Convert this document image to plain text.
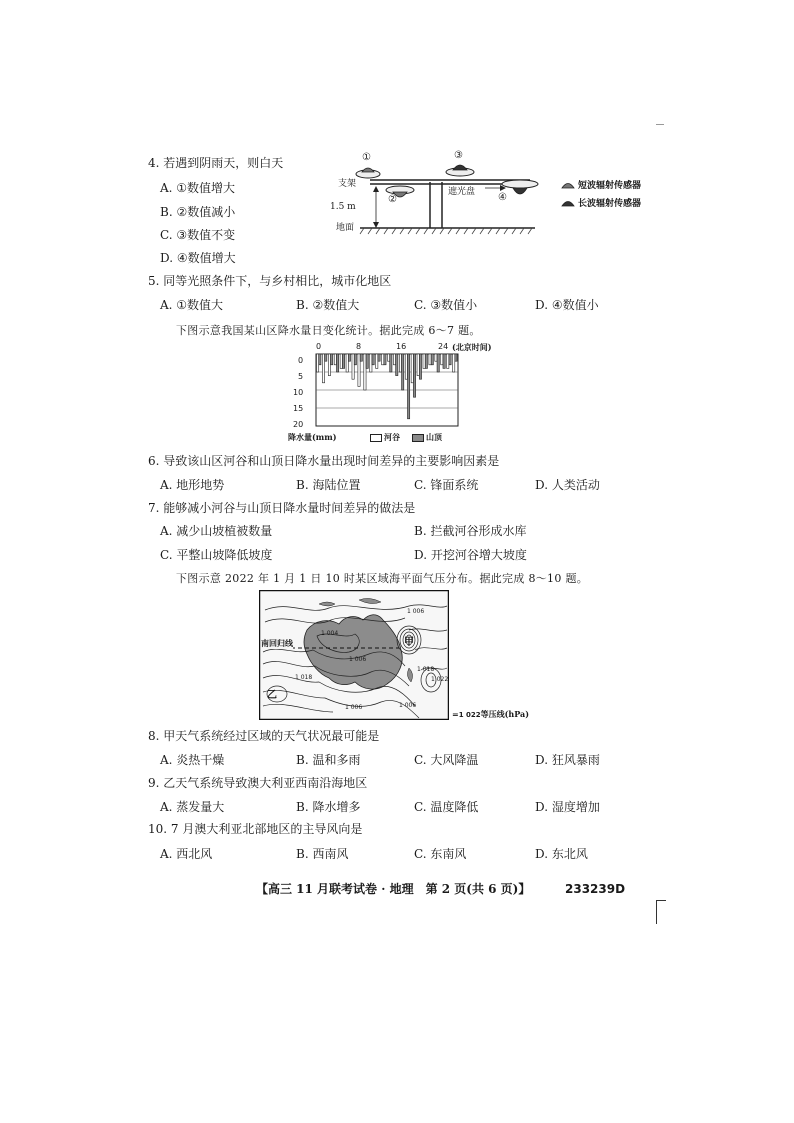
4. 若遇到阴雨天，则白天
A. ①数值增大
B. ②数值减小
C. ③数值不变
D. ④数值增大
支架
1.5 m
地面
遮光盘
①
②
③
④
短波辐射传感器
长波辐射传感器
5. 同等光照条件下，与乡村相比，城市化地区
A. ①数值大	B. ②数值大	C. ③数值小	D. ④数值小
下图示意我国某山区降水量日变化统计。据此完成 6～7 题。
0	8	16	24 (北京时间)
0
5
10
15
20
降水量(mm)	河谷	山顶
6. 导致该山区河谷和山顶日降水量出现时间差异的主要影响因素是
A. 地形地势	B. 海陆位置	C. 锋面系统	D. 人类活动
7. 能够减小河谷与山顶日降水量时间差异的做法是
A. 减少山坡植被数量	B. 拦截河谷形成水库
C. 平整山坡降低坡度	D. 开挖河谷增大坡度
下图示意 2022 年 1 月 1 日 10 时某区域海平面气压分布。据此完成 8～10 题。
南回归线	甲
乙
1 004
1 006
1 006
1 018
1 018
1 022
1 006
1 006
=1 022等压线(hPa)
8. 甲天气系统经过区域的天气状况最可能是
A. 炎热干燥	B. 温和多雨	C. 大风降温	D. 狂风暴雨
9. 乙天气系统导致澳大利亚西南沿海地区
A. 蒸发量大	B. 降水增多	C. 温度降低	D. 湿度增加
10. 7 月澳大利亚北部地区的主导风向是
A. 西北风	B. 西南风	C. 东南风	D. 东北风
【高三 11 月联考试卷 · 地理　第 2 页(共 6 页)】	233239D
